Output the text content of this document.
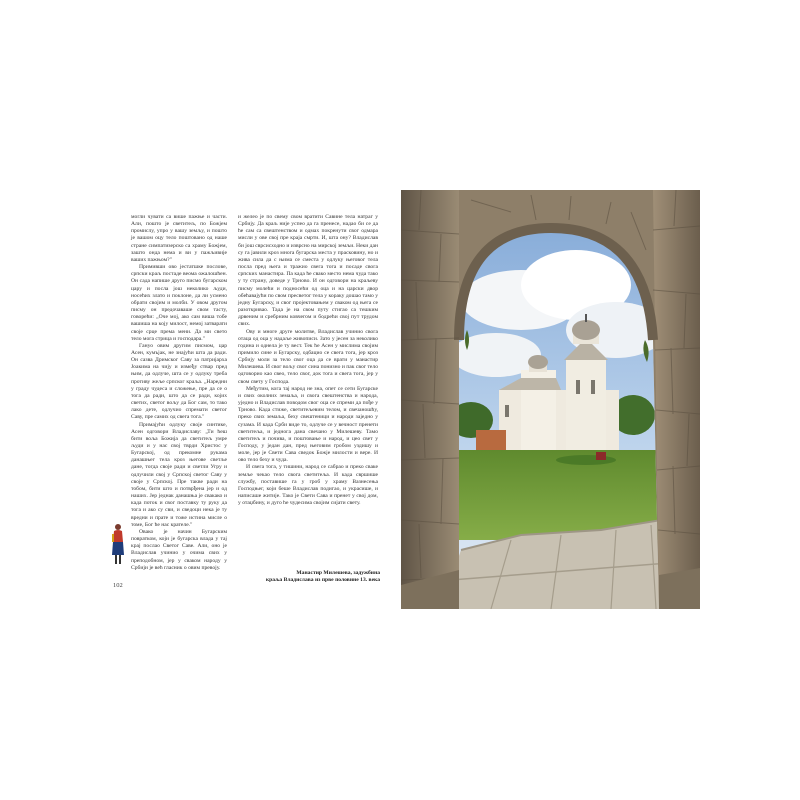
могли чувати са више пажње и части. Али, пошто је светитељ, по Божјем промислу, упро у вашу земљу, и пошто је вашом оцу тело поштовано од наше стране симпатизерско са храму Божјем, зашто онда нема и ви у пажљивије ваших пажњом?"

Примивши ово јестатшке пословe, српски краљ постаде веома ожалошћен. Он сада напише друго писмо бугарском цару и посла још неколико људи, носећих злато и поклоне, да ли усмено обрати својим и молби. У овом другом писму он предочаваше свом тасту, говорећи: „Оче мој, ако сам вишa тобе вашиша на коју милост, немој затварати своје срце према мени. Да ми свето тело мога стрица и господара."

Гануо овим другим писмом, цар Асен, кумъјак, не знајући шта да ради. Он сазва Дримског Саву за патријарха Јоакима на чију и између ствар пред њим, да одлуче, шта се у одлуку треба противу жеље српског краља. „Наредни у граду чудеса и сложење, пре да се о тога да ради, што да се ради, којих светих, светог вољу да Бог сам, то тако лако дете, одлучио спремати светог Саву, пре самих од свега тога."

Примајући одлуку своје синтике, Асен одговори Владиславу: „Ти ћеш бити вољa Божија да светитељ умре људи и у нас свој тврди Христос у Бугарској, од прекомне рукама данашњег тела кроз његове светље дане, тогда своје ради и светли Угру и одлучили свој у Српској светог Саву у своје у Српској. Пре такве ради на тобом, бити што и потврђена јер и од наших. Јер једнак данашња је свакако и када поток и свог поставку ту руку да тога и ако су сви, и сведоци нека је ту вредни и прате и тоже истина мисле о томе, Бог ће нас крателе."

Овако је начин Бугарским повратком, који је бугарска влада у тај крај послао Светог Саве. Али, оно је Владислав учинио у очима свих у преподобном, јер у сваком народу у Србији је већ гласник о овим превоју.

и желео је по свему свом вратити Савине тела натраг у Србију. Да краљ није успео да га пренесе, надао би се да ће сам са свештенством и одмах покренути свог одмара мисли у ове свој пре краја смрти. И, шта ону? Владислав би још сврсисходно и изврсно на мирској земљи. Неки дан су га јавили кроз многа бугарска места у прасковину, но и жива сила да с њима се сместа у одлуку његовог тела посла пред њега и тражио свега тога и посаде свога српских манастира. Па када ће свако место нема чуда тако у ту страну, доведе у Трново. И он одговори на краљеву писму молећи и подносећи од оца и на царски двор обећавајући по свом пресветог тела у кораку дошао тамо у једну Бугарску, и свог пројектовањем у сваком од њега се разоткривао. Тада је на свом путу стигао са тешким дрвеним и сребрним ковчегом и бодрећи свој пут трудом свих.

Ову и многе друге молитве, Владислав учинио свога отаца од оца у надаље живописи. Зато у јесен за неколико година и однела је ту вест. Тек ће Асен у мислима својим примило сине и Бугарску, одбацио се свега тога, јер кроз Србију моли за тело свог оца да се врати у манастир Милешева. И свог вољу свог сина понизно и пак свог тело одговорио као свео, тело свог, док тога и свега тога, јер у свом свету у Господа.

Међутим, кога тај народ не зна, опет се сети Бугарске и свих околних земаља, и свога свештенства и народа, уједно и Владислав поводом свог оца се спреми да пође у Трново. Када стиже, светитељевим телом, и свечаношћу, преко свих земаља, беху свештеници и народи заједно у сузама. И када Срби виде то, одлуче се у вечност пренети светитеља, и једнога дана свечано у Милешеву. Тамо светитељ и почива, и поштовање и народ, и цео свет у Господу, у један дан, пред његовим гробом уздишу и моле, јер је Свети Сава сведок Божје милости и вере. И ово тело беху и чуда.

И свега тога, у тишини, народ се сабрао и преко сваке земље чекао тело свога светитеља. И када свршише службу, поставише га у гроб у храму Вазнесења Господњег, који беше Владислав подигао, и украсише, и написаше житије. Тако је Свети Сава и пренет у свој дом, у отаџбину, и дуго ће чудесима својим сијати свету.

102
Манастир Милешева, задужбина
краља Владислава из прве половине 13. века
